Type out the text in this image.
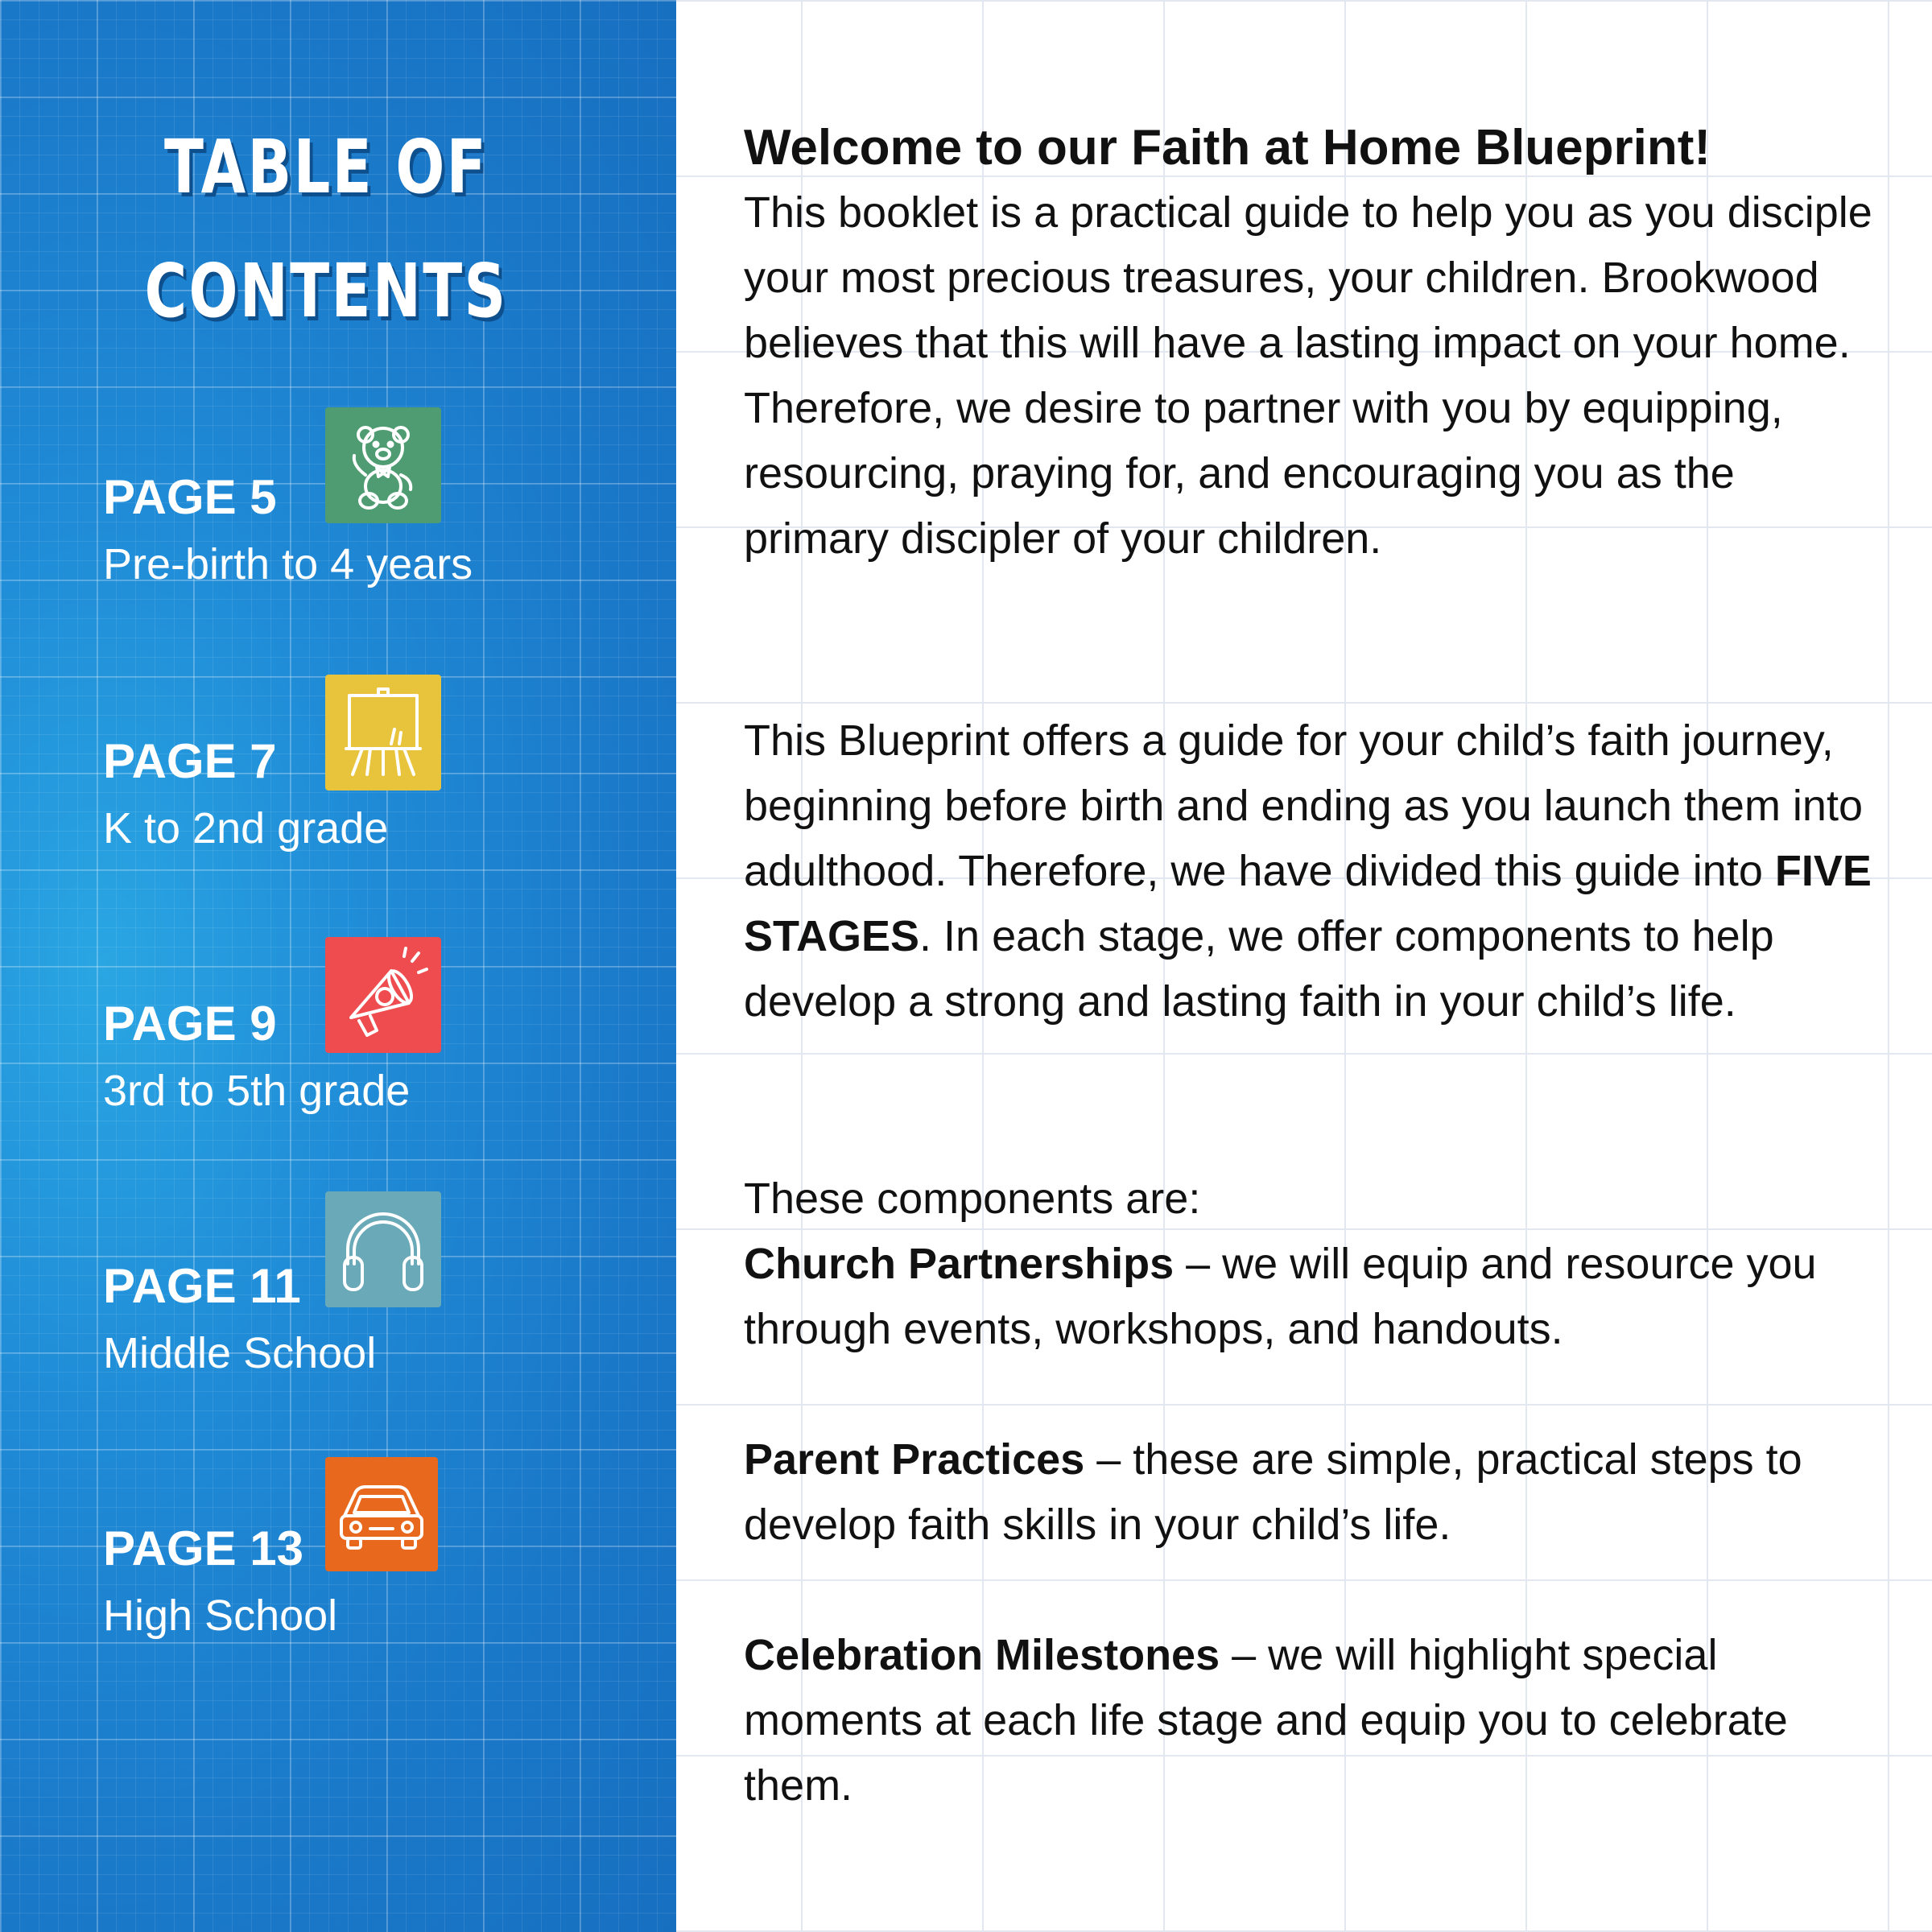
TABLE OF
CONTENTS
PAGE 5
Pre-birth to 4 years
PAGE 7
K to 2nd grade
PAGE 9
3rd to 5th grade
PAGE 11
Middle School
PAGE 13
High School

Welcome to our Faith at Home Blueprint!

This booklet is a practical guide to help you as you disciple your most precious treasures, your children. Brookwood believes that this will have a lasting impact on your home. Therefore, we desire to partner with you by equipping, resourcing, praying for, and encouraging you as the primary discipler of your children.

This Blueprint offers a guide for your child’s faith journey, beginning before birth and ending as you launch them into adulthood. Therefore, we have divided this guide into FIVE STAGES. In each stage, we offer components to help develop a strong and lasting faith in your child’s life.

These components are:

Church Partnerships – we will equip and resource you through events, workshops, and handouts.

Parent Practices – these are simple, practical steps to develop faith skills in your child’s life.

Celebration Milestones – we will highlight special moments at each life stage and equip you to celebrate them.
